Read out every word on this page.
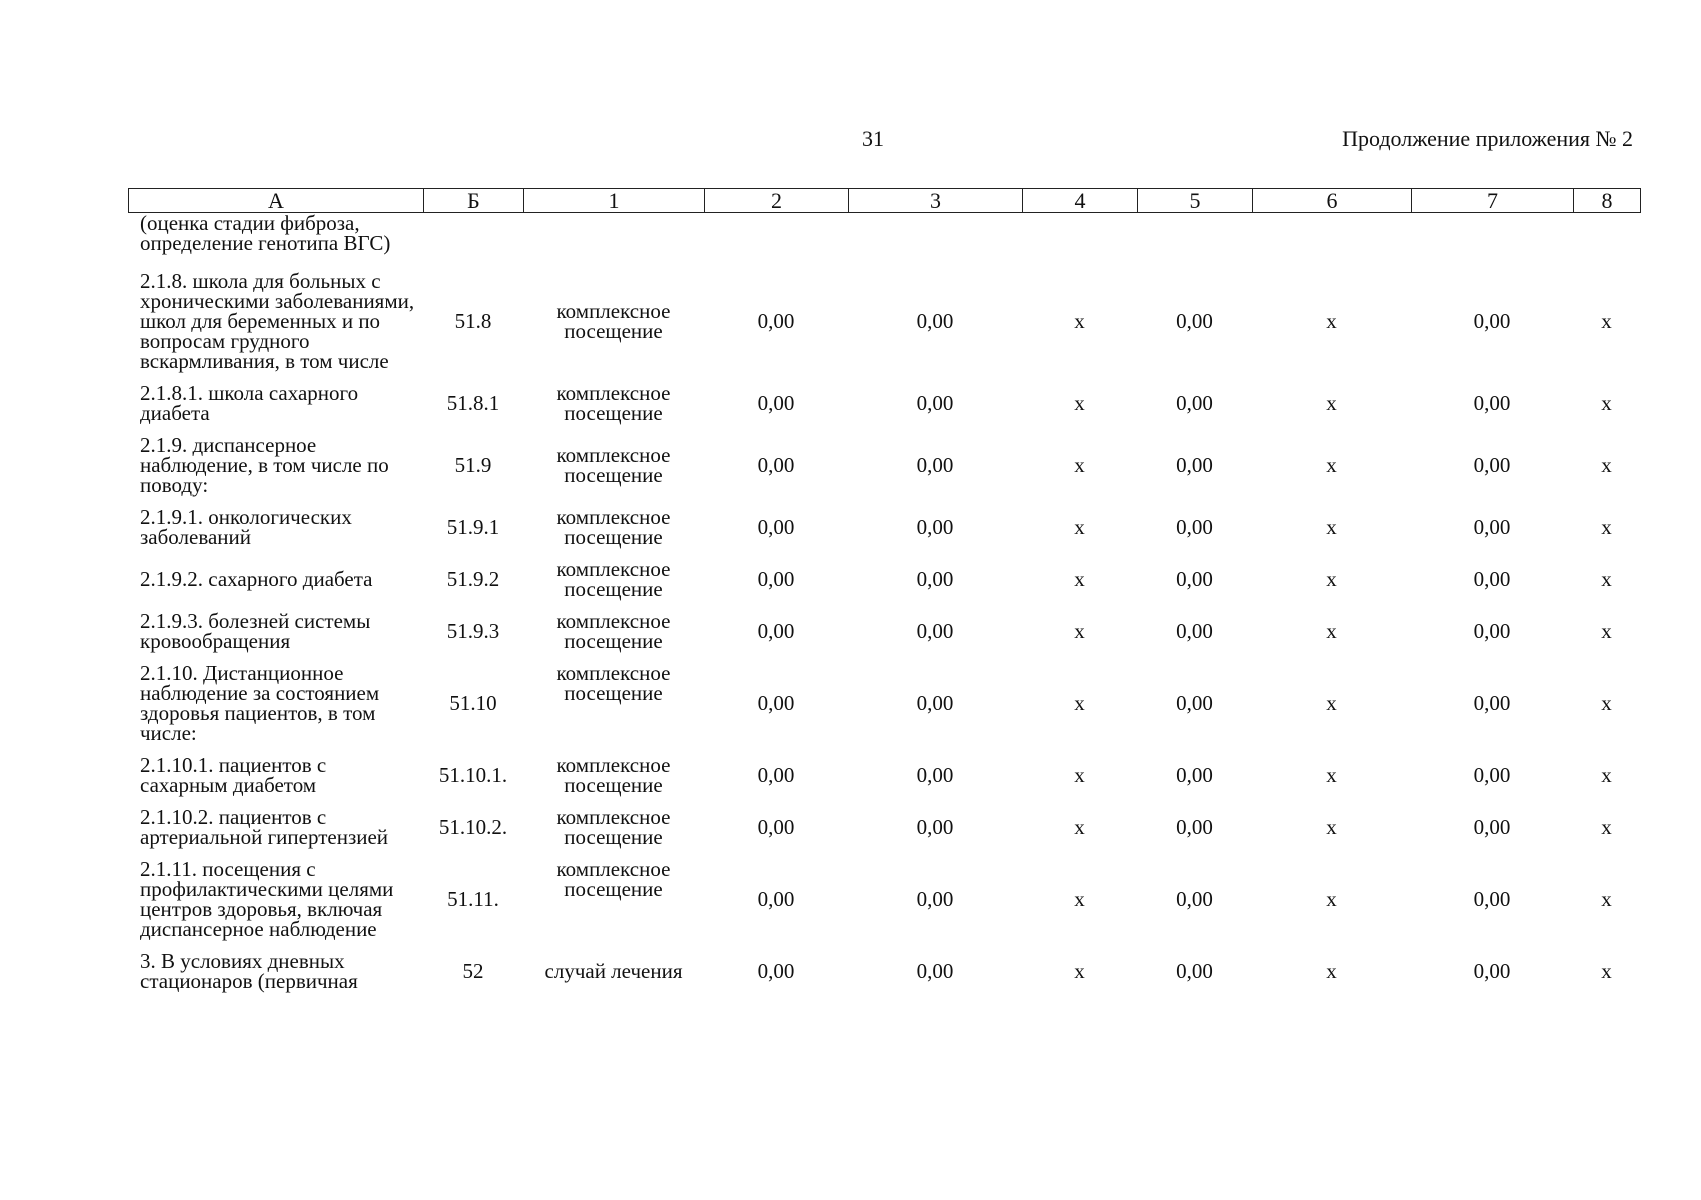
31	Продолжение приложения № 2
А	Б	1	2	3	4	5	6	7	8
(оценка стадии фиброза, определение генотипа ВГС)									
2.1.8. школа для больных с хроническими заболеваниями, школ для беременных и по вопросам грудного вскармливания, в том числе	51.8	комплексное посещение	0,00	0,00	х	0,00	х	0,00	х
2.1.8.1. школа сахарного диабета	51.8.1	комплексное посещение	0,00	0,00	х	0,00	х	0,00	х
2.1.9. диспансерное наблюдение, в том числе по поводу:	51.9	комплексное посещение	0,00	0,00	х	0,00	х	0,00	х
2.1.9.1. онкологических заболеваний	51.9.1	комплексное посещение	0,00	0,00	х	0,00	х	0,00	х
2.1.9.2. сахарного диабета	51.9.2	комплексное посещение	0,00	0,00	х	0,00	х	0,00	х
2.1.9.3. болезней системы кровообращения	51.9.3	комплексное посещение	0,00	0,00	х	0,00	х	0,00	х
2.1.10. Дистанционное наблюдение за состоянием здоровья пациентов, в том числе:	51.10	комплексное посещение	0,00	0,00	х	0,00	х	0,00	х
2.1.10.1. пациентов с сахарным диабетом	51.10.1.	комплексное посещение	0,00	0,00	х	0,00	х	0,00	х
2.1.10.2. пациентов с артериальной гипертензией	51.10.2.	комплексное посещение	0,00	0,00	х	0,00	х	0,00	х
2.1.11. посещения с профилактическими целями центров здоровья, включая диспансерное наблюдение	51.11.	комплексное посещение	0,00	0,00	х	0,00	х	0,00	х
3. В условиях дневных стационаров (первичная	52	случай лечения	0,00	0,00	х	0,00	х	0,00	х
